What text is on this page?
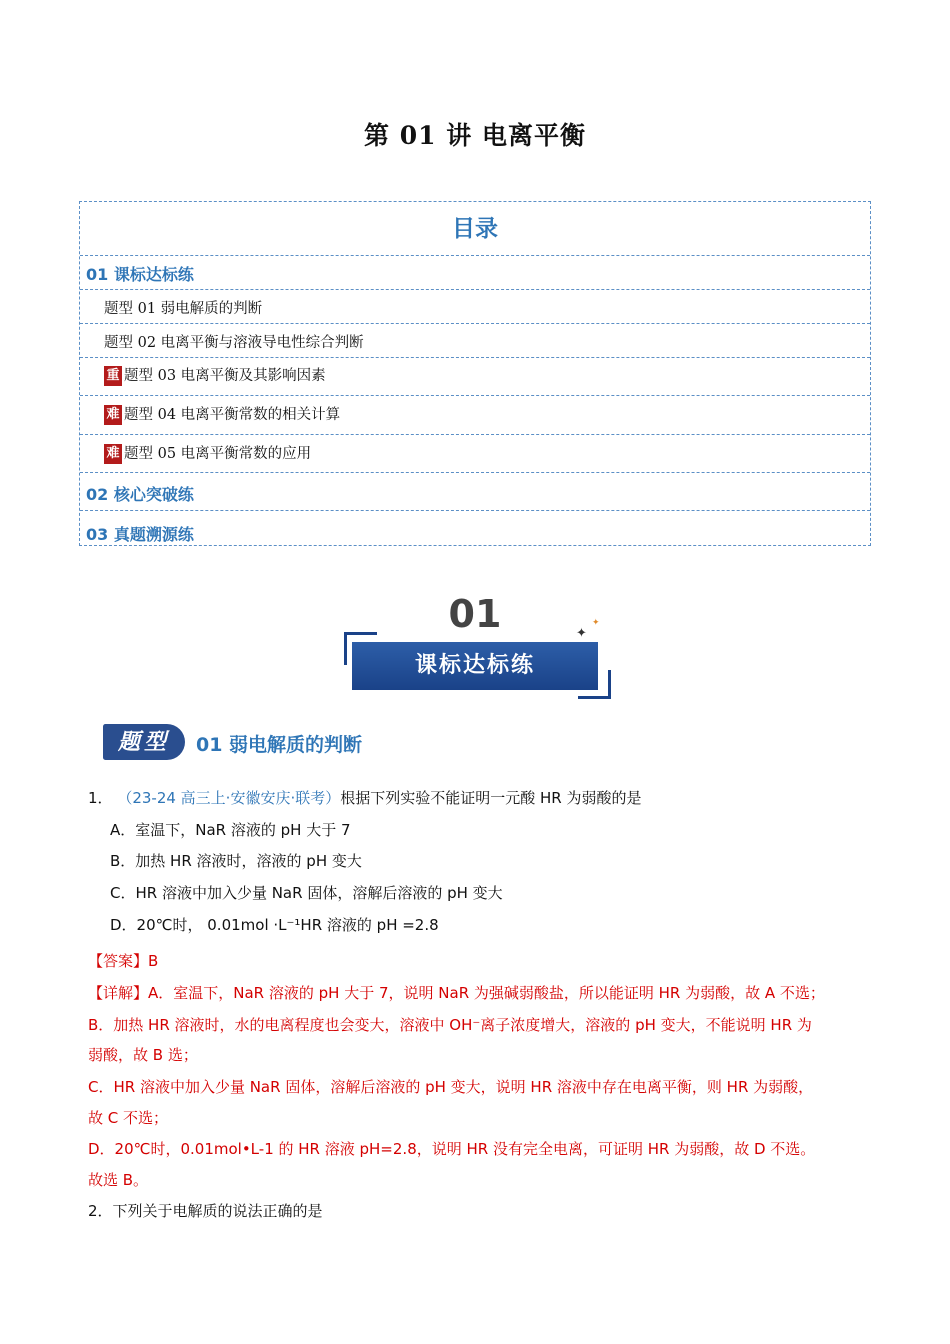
第 01 讲 电离平衡
目录
01 课标达标练
题型 01 弱电解质的判断
题型 02 电离平衡与溶液导电性综合判断
重 题型 03 电离平衡及其影响因素
难 题型 04 电离平衡常数的相关计算
难 题型 05 电离平衡常数的应用
02 核心突破练
03 真题溯源练
01	✦
✦
课标达标练
题型	01 弱电解质的判断
1． （23-24 高三上·安徽安庆·联考）根据下列实验不能证明一元酸 HR 为弱酸的是
A．室温下，NaR 溶液的 pH 大于 7
B．加热 HR 溶液时，溶液的 pH 变大
C．HR 溶液中加入少量 NaR 固体，溶解后溶液的 pH 变大
D．20℃时， 0.01mol ·L⁻¹HR 溶液的 pH =2.8
【答案】B
【详解】A．室温下，NaR 溶液的 pH 大于 7，说明 NaR 为强碱弱酸盐，所以能证明 HR 为弱酸，故 A 不选；
B．加热 HR 溶液时，水的电离程度也会变大，溶液中 OH⁻离子浓度增大，溶液的 pH 变大，不能说明 HR 为
弱酸，故 B 选；
C．HR 溶液中加入少量 NaR 固体，溶解后溶液的 pH 变大，说明 HR 溶液中存在电离平衡，则 HR 为弱酸，
故 C 不选；
D．20℃时，0.01mol•L-1 的 HR 溶液 pH=2.8，说明 HR 没有完全电离，可证明 HR 为弱酸，故 D 不选。
故选 B。
2．下列关于电解质的说法正确的是
